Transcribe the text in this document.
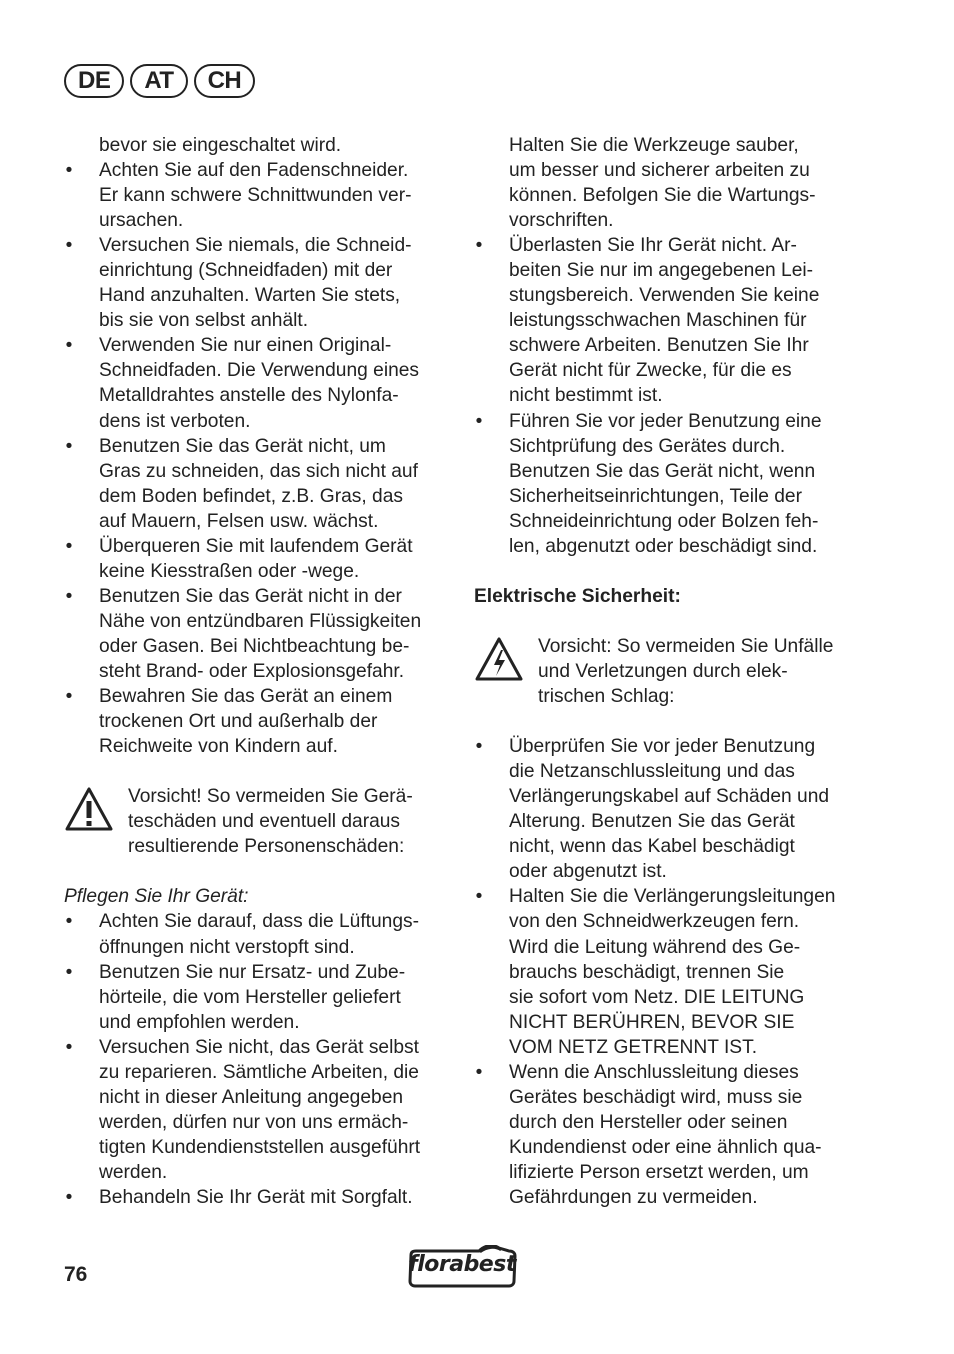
DE	AT	CH
bevor sie eingeschaltet wird.
• Achten Sie auf den Fadenschneider.
Er kann schwere Schnittwunden ver-
ursachen.
• Versuchen Sie niemals, die Schneid-
einrichtung (Schneidfaden) mit der
Hand anzuhalten. Warten Sie stets,
bis sie von selbst anhält.
• Verwenden Sie nur einen Original-
Schneidfaden. Die Verwendung eines
Metalldrahtes anstelle des Nylonfa-
dens ist verboten.
• Benutzen Sie das Gerät nicht, um
Gras zu schneiden, das sich nicht auf
dem Boden befindet, z.B. Gras, das
auf Mauern, Felsen usw. wächst.
• Überqueren Sie mit laufendem Gerät
keine Kiesstraßen oder -wege.
• Benutzen Sie das Gerät nicht in der
Nähe von entzündbaren Flüssigkeiten
oder Gasen. Bei Nichtbeachtung be-
steht Brand- oder Explosionsgefahr.
• Bewahren Sie das Gerät an einem
trockenen Ort und außerhalb der
Reichweite von Kindern auf.
Vorsicht! So vermeiden Sie Gerä-
teschäden und eventuell daraus
resultierende Personenschäden:
Pflegen Sie Ihr Gerät:
• Achten Sie darauf, dass die Lüftungs-
öffnungen nicht verstopft sind.
• Benutzen Sie nur Ersatz- und Zube-
hörteile, die vom Hersteller geliefert
und empfohlen werden.
• Versuchen Sie nicht, das Gerät selbst
zu reparieren. Sämtliche Arbeiten, die
nicht in dieser Anleitung angegeben
werden, dürfen nur von uns ermäch-
tigten Kundendienststellen ausgeführt
werden.
• Behandeln Sie Ihr Gerät mit Sorgfalt.
Halten Sie die Werkzeuge sauber,
um besser und sicherer arbeiten zu
können. Befolgen Sie die Wartungs-
vorschriften.
• Überlasten Sie Ihr Gerät nicht. Ar-
beiten Sie nur im angegebenen Lei-
stungsbereich. Verwenden Sie keine
leistungsschwachen Maschinen für
schwere Arbeiten. Benutzen Sie Ihr
Gerät nicht für Zwecke, für die es
nicht bestimmt ist.
• Führen Sie vor jeder Benutzung eine
Sichtprüfung des Gerätes durch.
Benutzen Sie das Gerät nicht, wenn
Sicherheitseinrichtungen, Teile der
Schneideinrichtung oder Bolzen feh-
len, abgenutzt oder beschädigt sind.
Elektrische Sicherheit:
Vorsicht: So vermeiden Sie Unfälle
und Verletzungen durch elek-
trischen Schlag:
• Überprüfen Sie vor jeder Benutzung
die Netzanschlussleitung und das
Verlängerungskabel auf Schäden und
Alterung. Benutzen Sie das Gerät
nicht, wenn das Kabel beschädigt
oder abgenutzt ist.
• Halten Sie die Verlängerungsleitungen
von den Schneidwerkzeugen fern.
Wird die Leitung während des Ge-
brauchs beschädigt, trennen Sie
sie sofort vom Netz. DIE LEITUNG
NICHT BERÜHREN, BEVOR SIE
VOM NETZ GETRENNT IST.
• Wenn die Anschlussleitung dieses
Gerätes beschädigt wird, muss sie
durch den Hersteller oder seinen
Kundendienst oder eine ähnlich qua-
lifizierte Person ersetzt werden, um
Gefährdungen zu vermeiden.
76	florabest
